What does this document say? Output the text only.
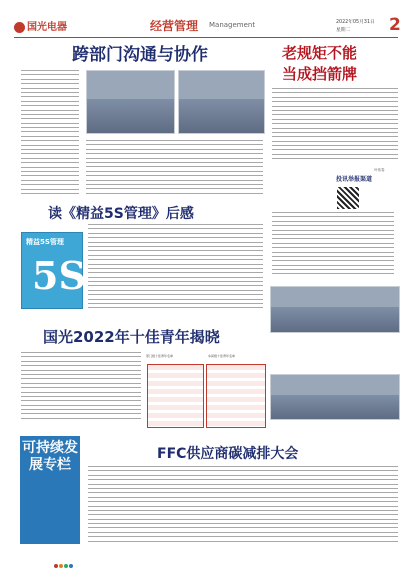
国光电器	经营管理 Management	2022年05月31日
星期二 2
跨部门沟通与协作	老规矩不能
当成挡箭牌
叶伟春
投讯举报渠道
读《精益5S管理》后感
精益5S管理
5S
国光2022年十佳青年揭晓
部门级十佳青年名单	车间级十佳青年名单
可持续发展专栏
FFC供应商碳减排大会
